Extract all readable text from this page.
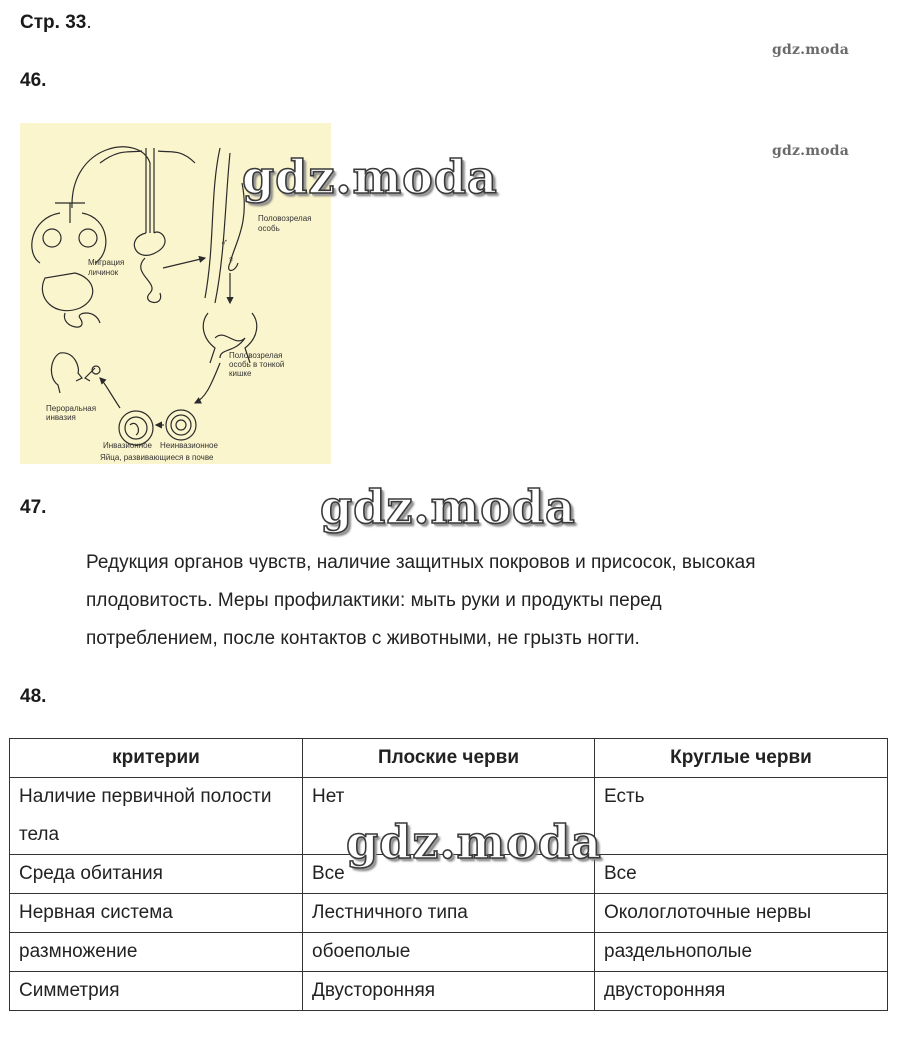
Стр. 33.
gdz.moda
gdz.moda
46.
Половозрелая
особь
♂
♀
Миграция
личинок
Половозрелая
особь в тонкой
кишке
Пероральная
инвазия
Инвазионное Неинвазионное
Яйца, развивающиеся в почве
gdz.moda
47.	gdz.moda
Редукция органов чувств, наличие защитных покровов и присосок, высокая
плодовитость. Меры профилактики: мыть руки и продукты перед
потреблением, после контактов с животными, не грызть ногти.
48.
критерии	Плоские черви	Круглые черви
Наличие первичной полости тела	Нет	Есть
Среда обитания	Все	Все
Нервная система	Лестничного типа	Окологлоточные нервы
размножение	обоеполые	раздельнополые
Симметрия	Двусторонняя	двусторонняя
gdz.moda
